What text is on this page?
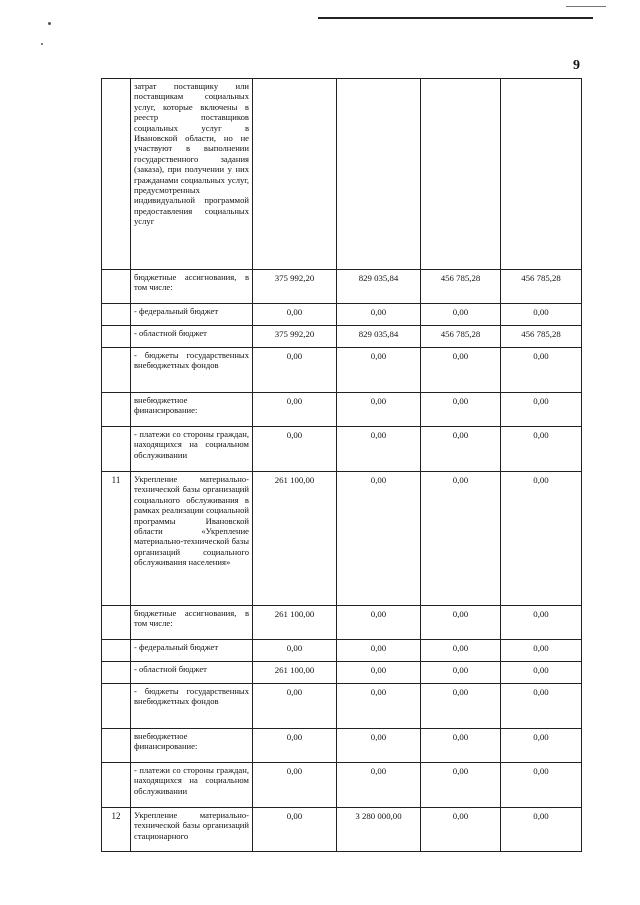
9
	затрат поставщику или поставщикам социальных услуг, которые включены в реестр поставщиков социальных услуг в Ивановской области, но не участвуют в выполнении государственного задания (заказа), при получении у них гражданами социальных услуг, предусмотренных индивидуальной программой предоставления социальных услуг				
	бюджетные ассигнования, в том числе:	375 992,20	829 035,84	456 785,28	456 785,28
	- федеральный бюджет	0,00	0,00	0,00	0,00
	- областной бюджет	375 992,20	829 035,84	456 785,28	456 785,28
	- бюджеты государственных внебюджетных фондов	0,00	0,00	0,00	0,00
	внебюджетное финансирование:	0,00	0,00	0,00	0,00
	- платежи со стороны граждан, находящихся на социальном обслуживании	0,00	0,00	0,00	0,00
11	Укрепление материально-технической базы организаций социального обслуживания в рамках реализации социальной программы Ивановской области «Укрепление материально-технической базы организаций социального обслуживания населения»	261 100,00	0,00	0,00	0,00
	бюджетные ассигнования, в том числе:	261 100,00	0,00	0,00	0,00
	- федеральный бюджет	0,00	0,00	0,00	0,00
	- областной бюджет	261 100,00	0,00	0,00	0,00
	- бюджеты государственных внебюджетных фондов	0,00	0,00	0,00	0,00
	внебюджетное финансирование:	0,00	0,00	0,00	0,00
	- платежи со стороны граждан, находящихся на социальном обслуживании	0,00	0,00	0,00	0,00
12	Укрепление материально-технической базы организаций стационарного	0,00	3 280 000,00	0,00	0,00
